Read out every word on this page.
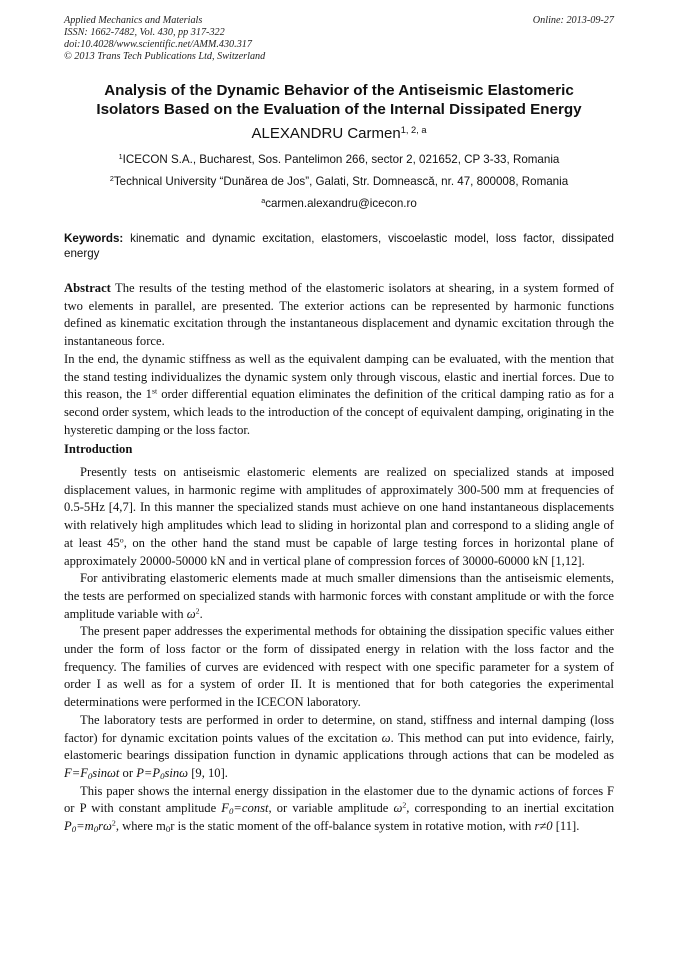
Applied Mechanics and Materials
ISSN: 1662-7482, Vol. 430, pp 317-322
doi:10.4028/www.scientific.net/AMM.430.317
© 2013 Trans Tech Publications Ltd, Switzerland
Online: 2013-09-27
Analysis of the Dynamic Behavior of the Antiseismic Elastomeric
Isolators Based on the Evaluation of the Internal Dissipated Energy
ALEXANDRU Carmen$^{1, 2, a}$
$^1$ICECON S.A., Bucharest, Sos. Pantelimon 266, sector 2, 021652, CP 3-33, Romania
$^2$Technical University “Dunărea de Jos”, Galati, Str. Domnească, nr. 47, 800008, Romania
$^a$carmen.alexandru@icecon.ro
Keywords: kinematic and dynamic excitation, elastomers, viscoelastic model, loss factor, dissipated energy

Abstract The results of the testing method of the elastomeric isolators at shearing, in a system formed of two elements in parallel, are presented. The exterior actions can be represented by harmonic functions defined as kinematic excitation through the instantaneous displacement and dynamic excitation through the instantaneous force.

In the end, the dynamic stiffness as well as the equivalent damping can be evaluated, with the mention that the stand testing individualizes the dynamic system only through viscous, elastic and inertial forces. Due to this reason, the 1st order differential equation eliminates the definition of the critical damping ratio as for a second order system, which leads to the introduction of the concept of equivalent damping, originating in the hysteretic damping or the loss factor.

Introduction

Presently tests on antiseismic elastomeric elements are realized on specialized stands at imposed displacement values, in harmonic regime with amplitudes of approximately 300-500 mm at frequencies of 0.5-5Hz [4,7]. In this manner the specialized stands must achieve on one hand instantaneous displacements with relatively high amplitudes which lead to sliding in horizontal plan and correspond to a sliding angle of at least 45$^o$, on the other hand the stand must be capable of large testing forces in horizontal plane of approximately 20000-50000 kN and in vertical plane of compression forces of 30000-60000 kN [1,12].

For antivibrating elastomeric elements made at much smaller dimensions than the antiseismic elements, the tests are performed on specialized stands with harmonic forces with constant amplitude or with the force amplitude variable with $\omega^2$.

The present paper addresses the experimental methods for obtaining the dissipation specific values either under the form of loss factor or the form of dissipated energy in relation with the loss factor and the frequency. The families of curves are evidenced with respect with one specific parameter for a system of order I as well as for a system of order II. It is mentioned that for both categories the experimental determinations were performed in the ICECON laboratory.

The laboratory tests are performed in order to determine, on stand, stiffness and internal damping (loss factor) for dynamic excitation points values of the excitation ω. This method can put into evidence, fairly, elastomeric bearings dissipation function in dynamic applications through actions that can be modeled as $F=F_0\sin\omega t$ or $P=P_0\sin\omega$ [9, 10].

This paper shows the internal energy dissipation in the elastomer due to the dynamic actions of forces F or P with constant amplitude $F_0=const$, or variable amplitude $\omega^2$, corresponding to an inertial excitation $P_0=m_0r\omega^2$, where $m_0r$ is the static moment of the off-balance system in rotative motion, with r≠0 [11].
